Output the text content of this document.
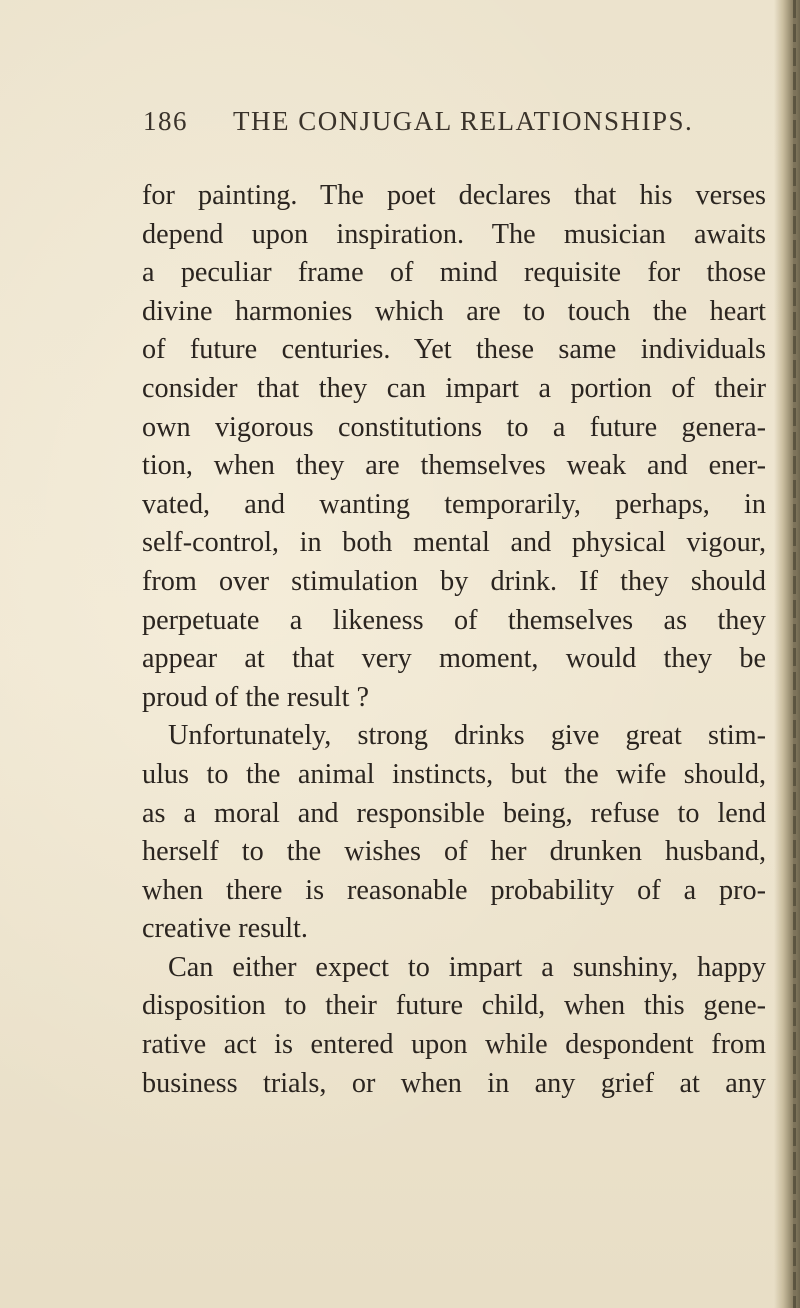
186 THE CONJUGAL RELATIONSHIPS.
for painting. The poet declares that his verses
depend upon inspiration. The musician awaits
a peculiar frame of mind requisite for those
divine harmonies which are to touch the heart
of future centuries. Yet these same individuals
consider that they can impart a portion of their
own vigorous constitutions to a future genera-
tion, when they are themselves weak and ener-
vated, and wanting temporarily, perhaps, in
self-control, in both mental and physical vigour,
from over stimulation by drink. If they should
perpetuate a likeness of themselves as they
appear at that very moment, would they be
proud of the result ?
Unfortunately, strong drinks give great stim-
ulus to the animal instincts, but the wife should,
as a moral and responsible being, refuse to lend
herself to the wishes of her drunken husband,
when there is reasonable probability of a pro-
creative result.
Can either expect to impart a sunshiny, happy
disposition to their future child, when this gene-
rative act is entered upon while despondent from
business trials, or when in any grief at any
